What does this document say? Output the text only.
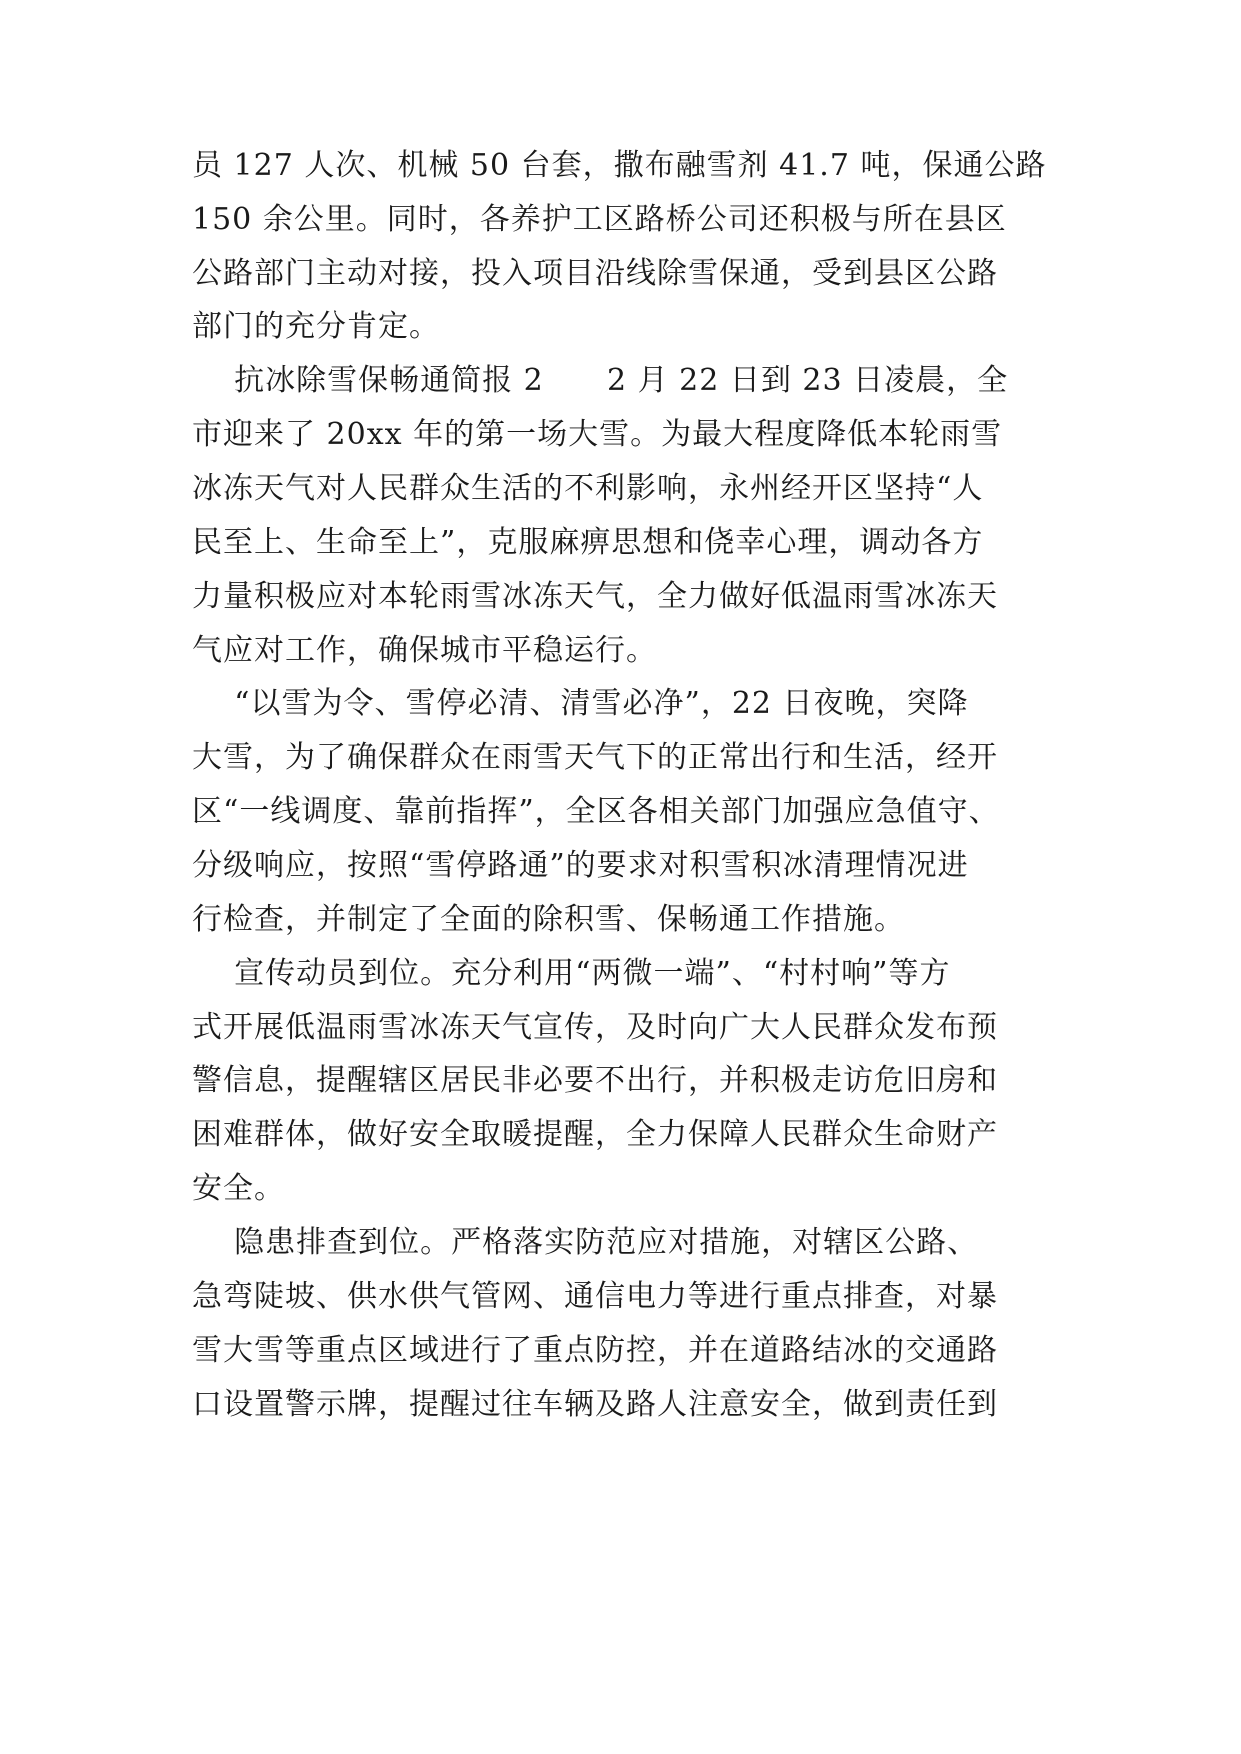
员 127 人次、机械 50 台套，撒布融雪剂 41.7 吨，保通公路
150 余公里。同时，各养护工区路桥公司还积极与所在县区
公路部门主动对接，投入项目沿线除雪保通，受到县区公路
部门的充分肯定。
抗冰除雪保畅通简报 2      2 月 22 日到 23 日凌晨，全
市迎来了 20xx 年的第一场大雪。为最大程度降低本轮雨雪
冰冻天气对人民群众生活的不利影响，永州经开区坚持“人
民至上、生命至上”，克服麻痹思想和侥幸心理，调动各方
力量积极应对本轮雨雪冰冻天气，全力做好低温雨雪冰冻天
气应对工作，确保城市平稳运行。
“以雪为令、雪停必清、清雪必净”，22 日夜晚，突降
大雪，为了确保群众在雨雪天气下的正常出行和生活，经开
区“一线调度、靠前指挥”，全区各相关部门加强应急值守、
分级响应，按照“雪停路通”的要求对积雪积冰清理情况进
行检查，并制定了全面的除积雪、保畅通工作措施。
宣传动员到位。充分利用“两微一端”、“村村响”等方
式开展低温雨雪冰冻天气宣传，及时向广大人民群众发布预
警信息，提醒辖区居民非必要不出行，并积极走访危旧房和
困难群体，做好安全取暖提醒，全力保障人民群众生命财产
安全。
隐患排查到位。严格落实防范应对措施，对辖区公路、
急弯陡坡、供水供气管网、通信电力等进行重点排查，对暴
雪大雪等重点区域进行了重点防控，并在道路结冰的交通路
口设置警示牌，提醒过往车辆及路人注意安全，做到责任到
